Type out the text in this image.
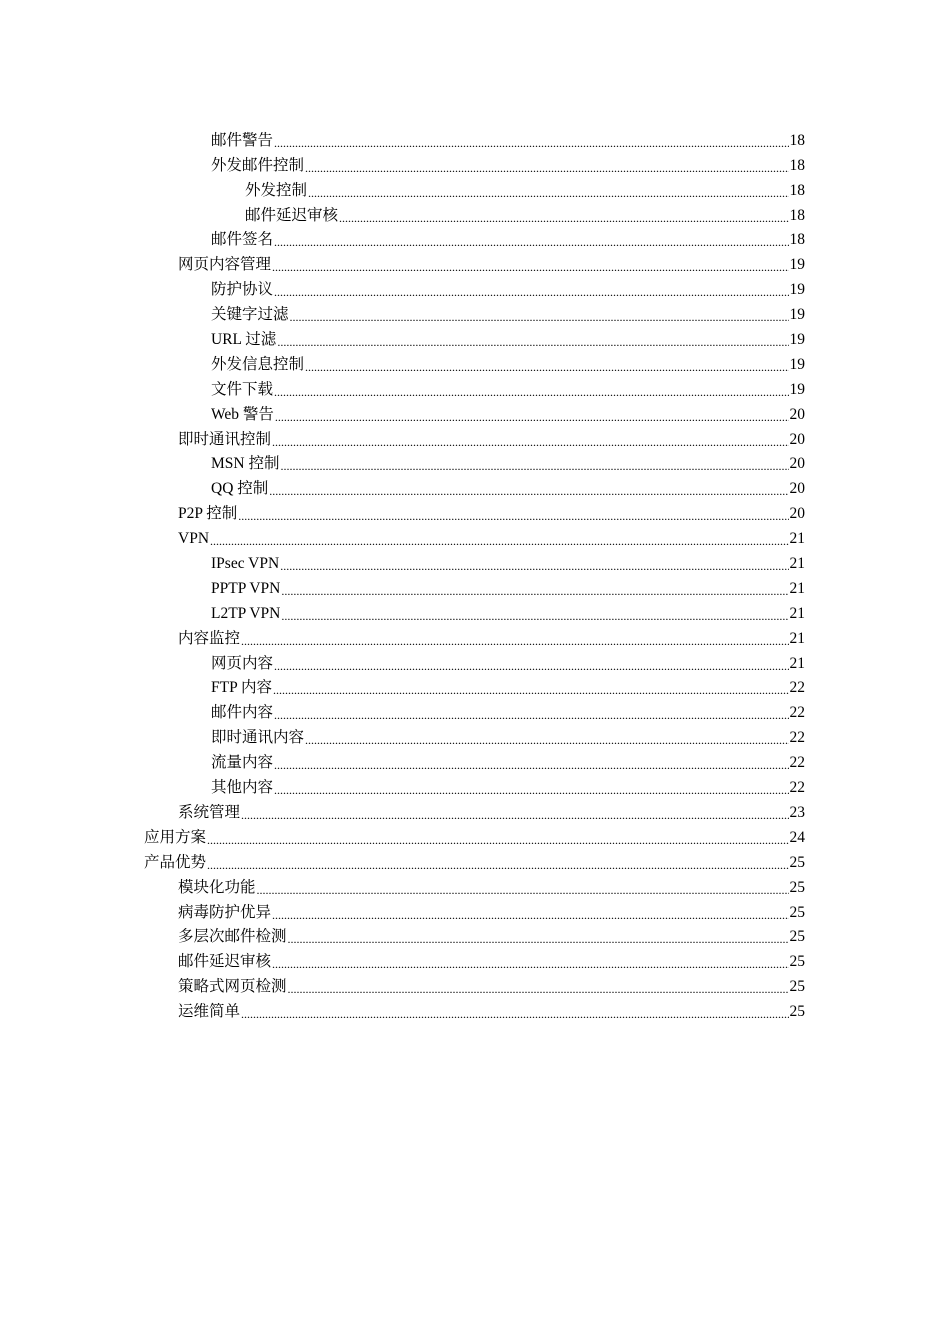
邮件警告 .....	18
外发邮件控制 .....	18
外发控制 .....	18
邮件延迟审核 .....	18
邮件签名 .....	18
网页内容管理 .....	19
防护协议 .....	19
关键字过滤 .....	19
URL 过滤 .....	19
外发信息控制 .....	19
文件下载 .....	19
Web 警告 .....	20
即时通讯控制 .....	20
MSN 控制 .....	20
QQ 控制 .....	20
P2P 控制 .....	20
VPN .....	21
IPsec VPN .....	21
PPTP VPN .....	21
L2TP VPN .....	21
内容监控 .....	21
网页内容 .....	21
FTP 内容 .....	22
邮件内容 .....	22
即时通讯内容 .....	22
流量内容 .....	22
其他内容 .....	22
系统管理 .....	23
应用方案 .....	24
产品优势 .....	25
模块化功能 .....	25
病毒防护优异 .....	25
多层次邮件检测 .....	25
邮件延迟审核 .....	25
策略式网页检测 .....	25
运维简单 .....	25
